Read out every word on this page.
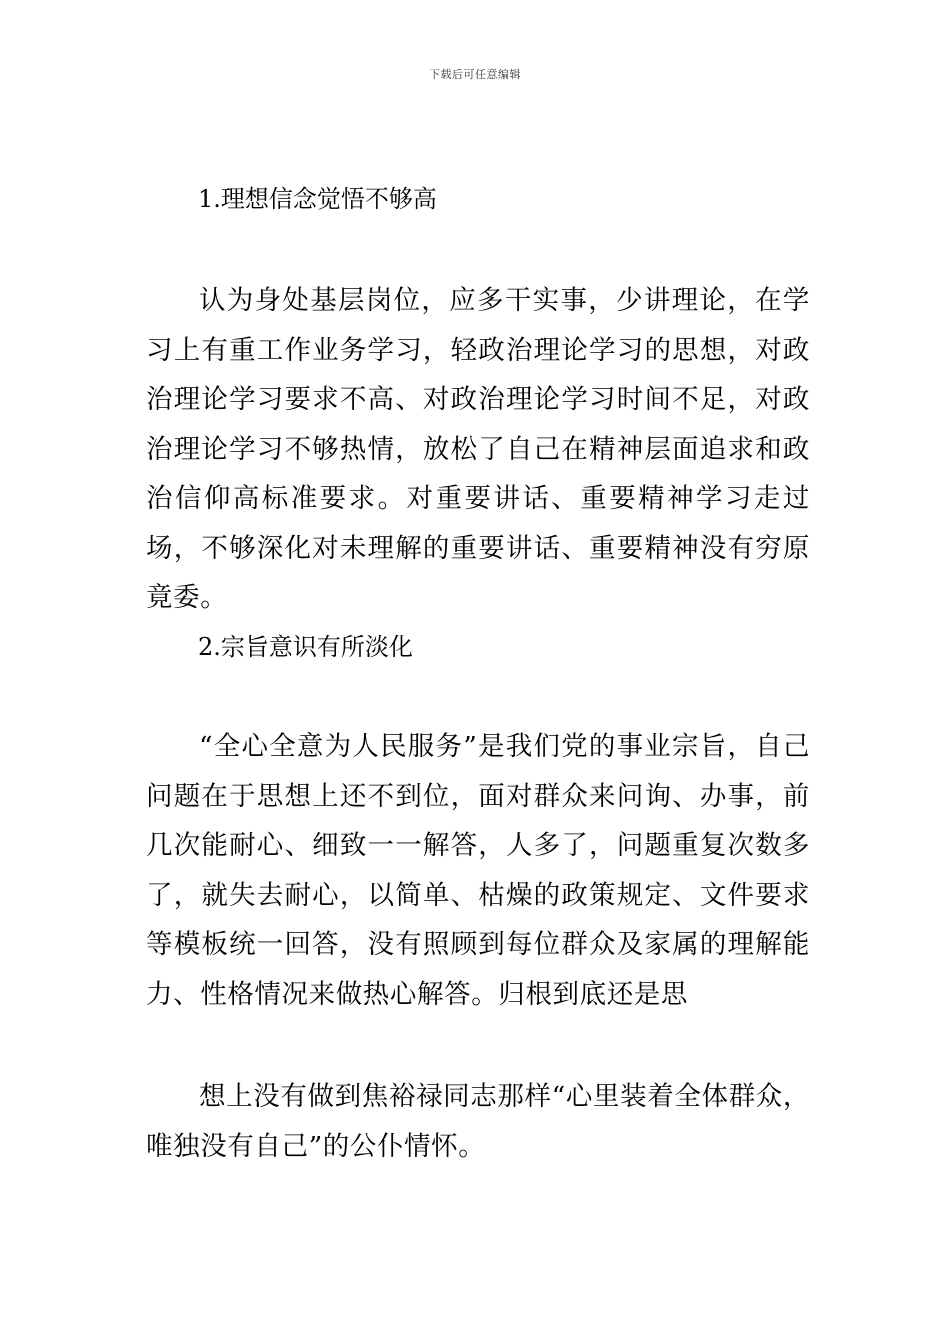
下载后可任意编辑
1.理想信念觉悟不够高
认为身处基层岗位，应多干实事，少讲理论，在学习上有重工作业务学习，轻政治理论学习的思想，对政治理论学习要求不高、对政治理论学习时间不足，对政治理论学习不够热情，放松了自己在精神层面追求和政治信仰高标准要求。对重要讲话、重要精神学习走过场，不够深化对未理解的重要讲话、重要精神没有穷原竟委。
2.宗旨意识有所淡化
“全心全意为人民服务”是我们党的事业宗旨，自己问题在于思想上还不到位，面对群众来问询、办事，前几次能耐心、细致一一解答，人多了，问题重复次数多了，就失去耐心，以简单、枯燥的政策规定、文件要求等模板统一回答，没有照顾到每位群众及家属的理解能力、性格情况来做热心解答。归根到底还是思
想上没有做到焦裕禄同志那样“心里装着全体群众，唯独没有自己”的公仆情怀。
